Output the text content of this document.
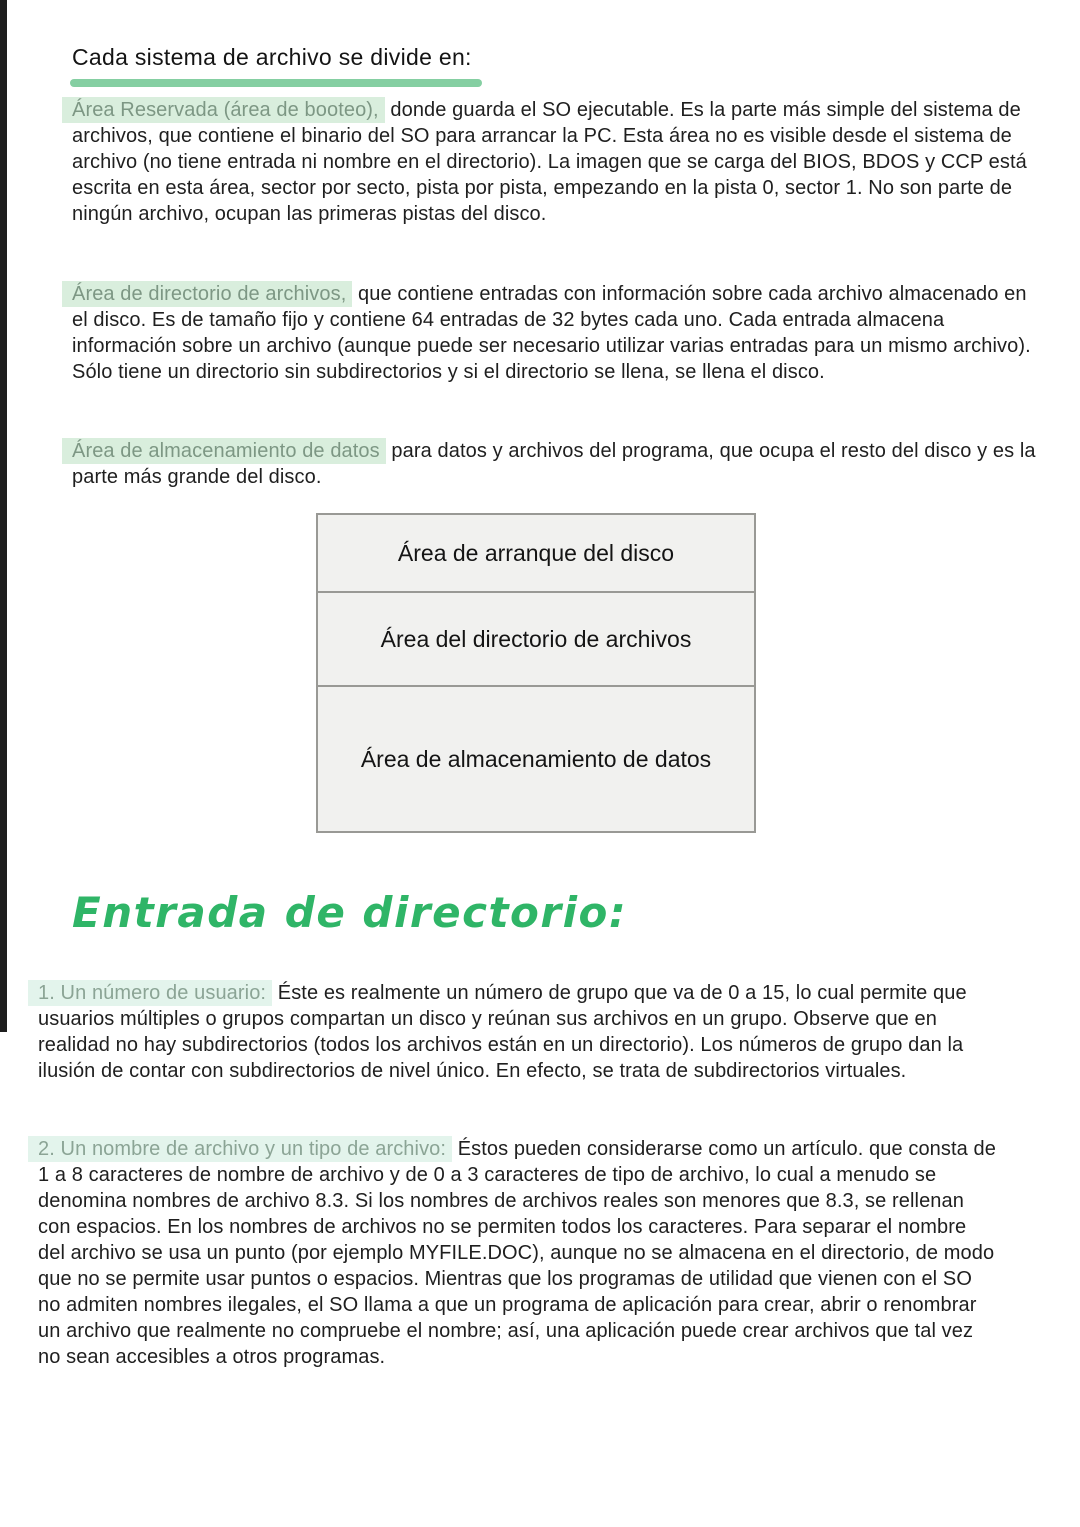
Cada sistema de archivo se divide en:
Área Reservada (área de booteo), donde guarda el SO ejecutable. Es la parte más simple del sistema de archivos, que contiene el binario del SO para arrancar la PC. Esta área no es visible desde el sistema de archivo (no tiene entrada ni nombre en el directorio). La imagen que se carga del BIOS, BDOS y CCP está escrita en esta área, sector por secto, pista por pista, empezando en la pista 0, sector 1. No son parte de ningún archivo, ocupan las primeras pistas del disco.
Área de directorio de archivos, que contiene entradas con información sobre cada archivo almacenado en el disco. Es de tamaño fijo y contiene 64 entradas de 32 bytes cada uno. Cada entrada almacena información sobre un archivo (aunque puede ser necesario utilizar varias entradas para un mismo archivo). Sólo tiene un directorio sin subdirectorios y si el directorio se llena, se llena el disco.
Área de almacenamiento de datos para datos y archivos del programa, que ocupa el resto del disco y es la parte más grande del disco.
Área de arranque del disco
Área del directorio de archivos
Área de almacenamiento de datos
Entrada de directorio:
1. Un número de usuario: Éste es realmente un número de grupo que va de 0 a 15, lo cual permite que usuarios múltiples o grupos compartan un disco y reúnan sus archivos en un grupo. Observe que en realidad no hay subdirectorios (todos los archivos están en un directorio). Los números de grupo dan la ilusión de contar con subdirectorios de nivel único. En efecto, se trata de subdirectorios virtuales.
2. Un nombre de archivo y un tipo de archivo: Éstos pueden considerarse como un artículo. que consta de 1 a 8 caracteres de nombre de archivo y de 0 a 3 caracteres de tipo de archivo, lo cual a menudo se denomina nombres de archivo 8.3. Si los nombres de archivos reales son menores que 8.3, se rellenan con espacios. En los nombres de archivos no se permiten todos los caracteres. Para separar el nombre del archivo se usa un punto (por ejemplo MYFILE.DOC), aunque no se almacena en el directorio, de modo que no se permite usar puntos o espacios. Mientras que los programas de utilidad que vienen con el SO no admiten nombres ilegales, el SO llama a que un programa de aplicación para crear, abrir o renombrar un archivo que realmente no compruebe el nombre; así, una aplicación puede crear archivos que tal vez no sean accesibles a otros programas.
